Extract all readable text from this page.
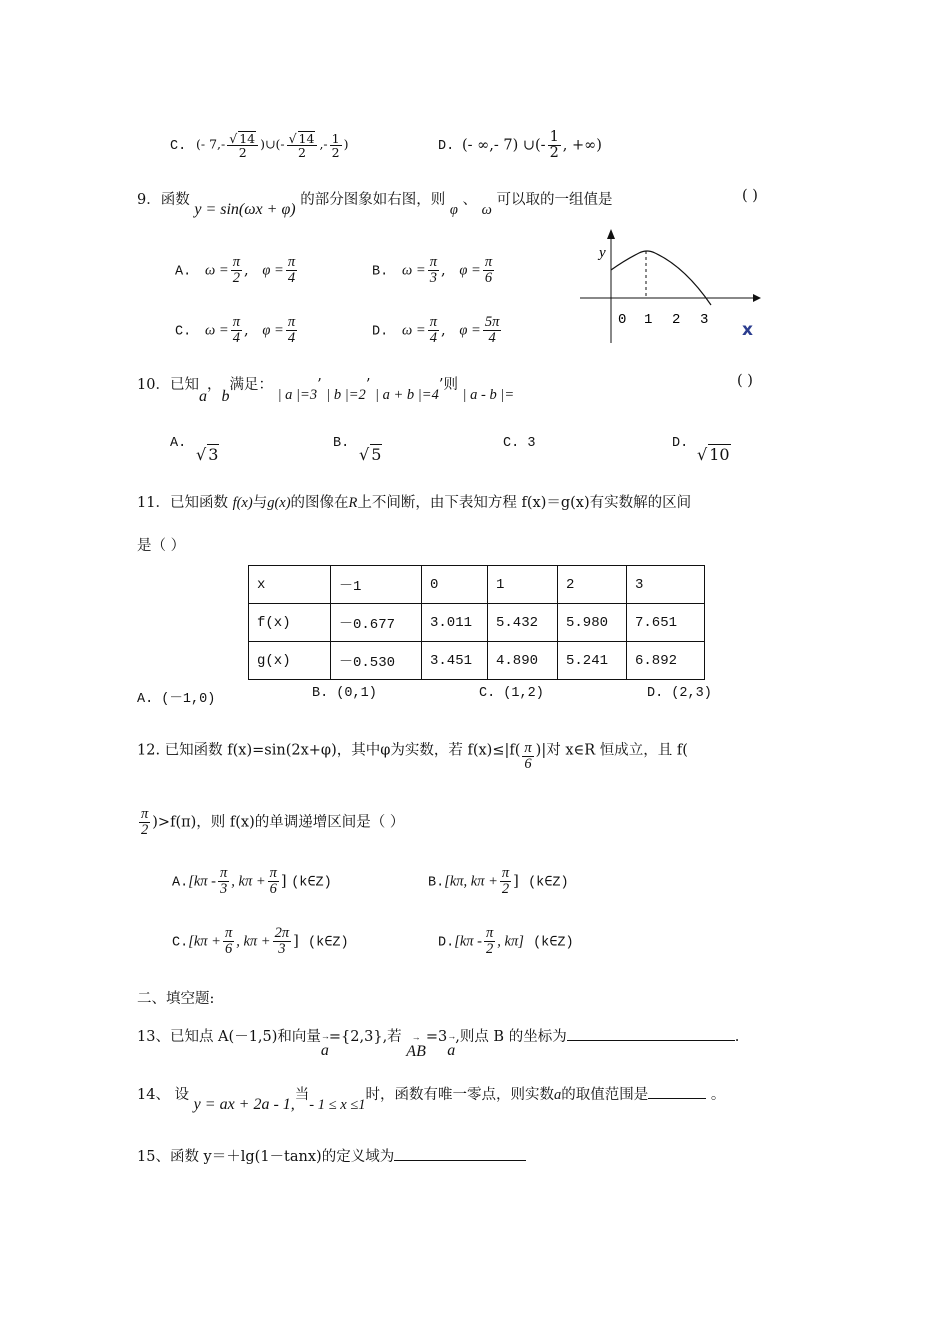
C. (- $7,- \frac{√ 14}{2}$ )∪(- $\frac{√ 14}{2}$ ,- $\frac{1}{2}$ )	D. (- ∞,- 7) ∪(- $\frac{1}{2}$ , +∞)
9．函数 y = sin(ωx + φ) 的部分图象如右图，则 φ 、 ω 可以取的一组值是	( )
A. $\omega = \frac{\pi}{2}$ ,   $\varphi = \frac{\pi}{4}$	B. $\omega = \frac{\pi}{3}$ ,   $\varphi = \frac{\pi}{6}$
C. $\omega = \frac{\pi}{4}$ ,   $\varphi = \frac{\pi}{4}$	D. $\omega = \frac{\pi}{4}$ ,   $\varphi = \frac{5\pi}{4}$
y
0 1 2 3 x
10．已知a，b满足： | a |=3’ | b |=2’ | a + b |=4’则 | a - b |=
( )
A.
√ 3
B.
√ 5
C. 3	D.
√ 10
11．已知函数 f(x)与g(x)的图像在R上不间断，由下表知方程 f(x)＝g(x)有实数解的区间
是（ ）
x	－1	0	1	2	3
f(x)	－0.677	3.011	5.432	5.980	7.651
g(x)	－0.530	3.451	4.890	5.241	6.892
A. (－1,0)	B. (0,1)	C. (1,2)	D. (2,3)
12. 已知函数 f(x)=sin(2x+φ)，其中φ为实数，若 $f(x)\le|f( \frac{\pi}{6}$ )|对 x∈R 恒成立，且 f(
$\frac{\pi}{2} )>f(\pi)$，则 f(x)的单调递增区间是（ ）
$A.[k\pi - \frac{\pi}{3}$ , $k\pi + \frac{\pi}{6}$ ] (k∈Z)	B.[kπ, $k\pi + \frac{\pi}{2}$ ] (k∈Z)
$C.[k\pi + \frac{\pi}{6}$ , $k\pi + \frac{2\pi}{3}$ ] (k∈Z)	$D.[k\pi - \frac{\pi}{2}$ , kπ] (k∈Z)
二、填空题:
13、已知点 A(－1,5)和向量→ a={2,3},若 → AB=3→ a,则点 B 的坐标为	.
14、 设 y = ax + 2a - 1,当- 1 ≤ x ≤1时，函数有唯一零点，则实数a的取值范围是	。
15、函数 y＝＋lg(1－tanx)的定义域为
